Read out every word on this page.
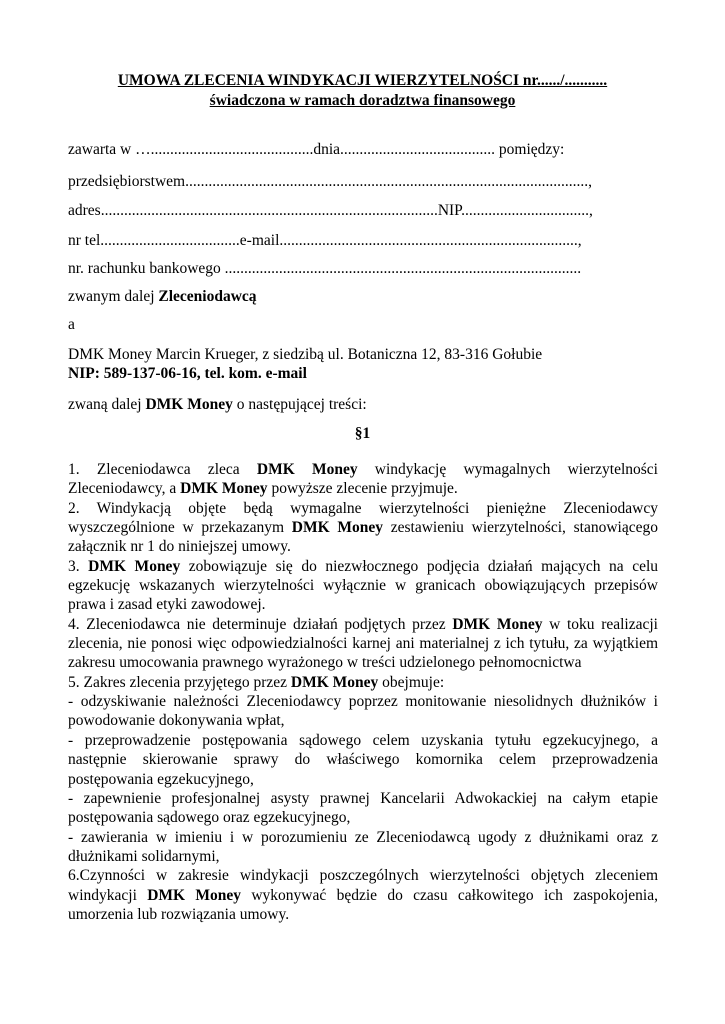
UMOWA ZLECENIA WINDYKACJI WIERZYTELNOŚCI nr....../...........
świadczona w ramach doradztwa finansowego
zawarta w …..........................................dnia........................................ pomiędzy:
przedsiębiorstwem........................................................................................................,
adres.......................................................................................NIP.................................,
nr tel....................................e-mail.............................................................................,
nr. rachunku bankowego ............................................................................................
zwanym dalej Zleceniodawcą
a
DMK Money Marcin Krueger, z siedzibą ul. Botaniczna 12, 83-316 Gołubie
NIP: 589-137-06-16, tel. kom. e-mail
zwaną dalej DMK Money o następującej treści:
§1

1. Zleceniodawca zleca DMK Money windykację wymagalnych wierzytelności Zleceniodawcy, a DMK Money powyższe zlecenie przyjmuje.

2. Windykacją objęte będą wymagalne wierzytelności pieniężne Zleceniodawcy wyszczególnione w przekazanym DMK Money zestawieniu wierzytelności, stanowiącego załącznik nr 1 do niniejszej umowy.

3. DMK Money zobowiązuje się do niezwłocznego podjęcia działań mających na celu egzekucję wskazanych wierzytelności wyłącznie w granicach obowiązujących przepisów prawa i zasad etyki zawodowej.

4. Zleceniodawca nie determinuje działań podjętych przez DMK Money w toku realizacji zlecenia, nie ponosi więc odpowiedzialności karnej ani materialnej z ich tytułu, za wyjątkiem zakresu umocowania prawnego wyrażonego w treści udzielonego pełnomocnictwa

5. Zakres zlecenia przyjętego przez DMK Money obejmuje:

- odzyskiwanie należności Zleceniodawcy poprzez monitowanie niesolidnych dłużników i powodowanie dokonywania wpłat,

- przeprowadzenie postępowania sądowego celem uzyskania tytułu egzekucyjnego, a następnie skierowanie sprawy do właściwego komornika celem przeprowadzenia postępowania egzekucyjnego,

- zapewnienie profesjonalnej asysty prawnej Kancelarii Adwokackiej na całym etapie postępowania sądowego oraz egzekucyjnego,

- zawierania w imieniu i w porozumieniu ze Zleceniodawcą ugody z dłużnikami oraz z dłużnikami solidarnymi,

6.Czynności w zakresie windykacji poszczególnych wierzytelności objętych zleceniem windykacji DMK Money wykonywać będzie do czasu całkowitego ich zaspokojenia, umorzenia lub rozwiązania umowy.
